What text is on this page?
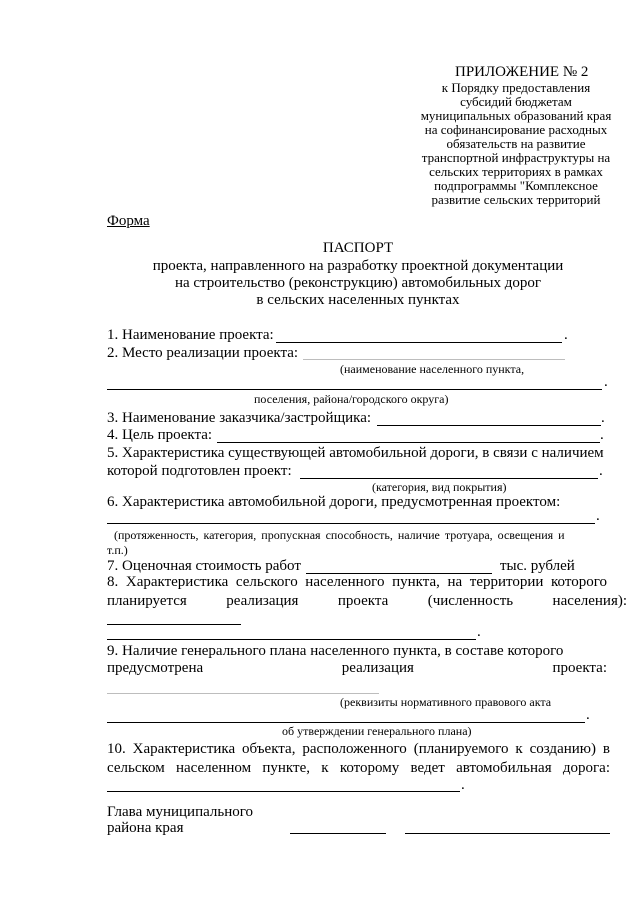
ПРИЛОЖЕНИЕ № 2
к Порядку предоставления
субсидий бюджетам
муниципальных образований края
на софинансирование расходных
обязательств на развитие
транспортной инфраструктуры на
сельских территориях в рамках
подпрограммы "Комплексное
развитие сельских территорий
Форма
ПАСПОРТ
проекта, направленного на разработку проектной документации
на строительство (реконструкцию) автомобильных дорог
в сельских населенных пунктах
1. Наименование проекта:	.
2. Место реализации проекта:
(наименование населенного пункта,
.
поселения, района/городского округа)
3. Наименование заказчика/застройщика:	.
4. Цель проекта:	.
5. Характеристика существующей автомобильной дороги, в связи с наличием
которой подготовлен проект:	.
(категория, вид покрытия)
6. Характеристика автомобильной дороги, предусмотренная проектом:
.
(протяженность, категория, пропускная способность, наличие тротуара, освещения и
т.п.)
7. Оценочная стоимость работ	тыс. рублей
8. Характеристика сельского населенного пункта, на территории которого
планируется реализация проекта (численность населения):
.
9. Наличие генерального плана населенного пункта, в составе которого
предусмотрена реализация проекта:
(реквизиты нормативного правового акта
.
об утверждении генерального плана)
10. Характеристика объекта, расположенного (планируемого к созданию) в
сельском населенном пункте, к которому ведет автомобильная дорога:
.
Глава муниципального
района края
